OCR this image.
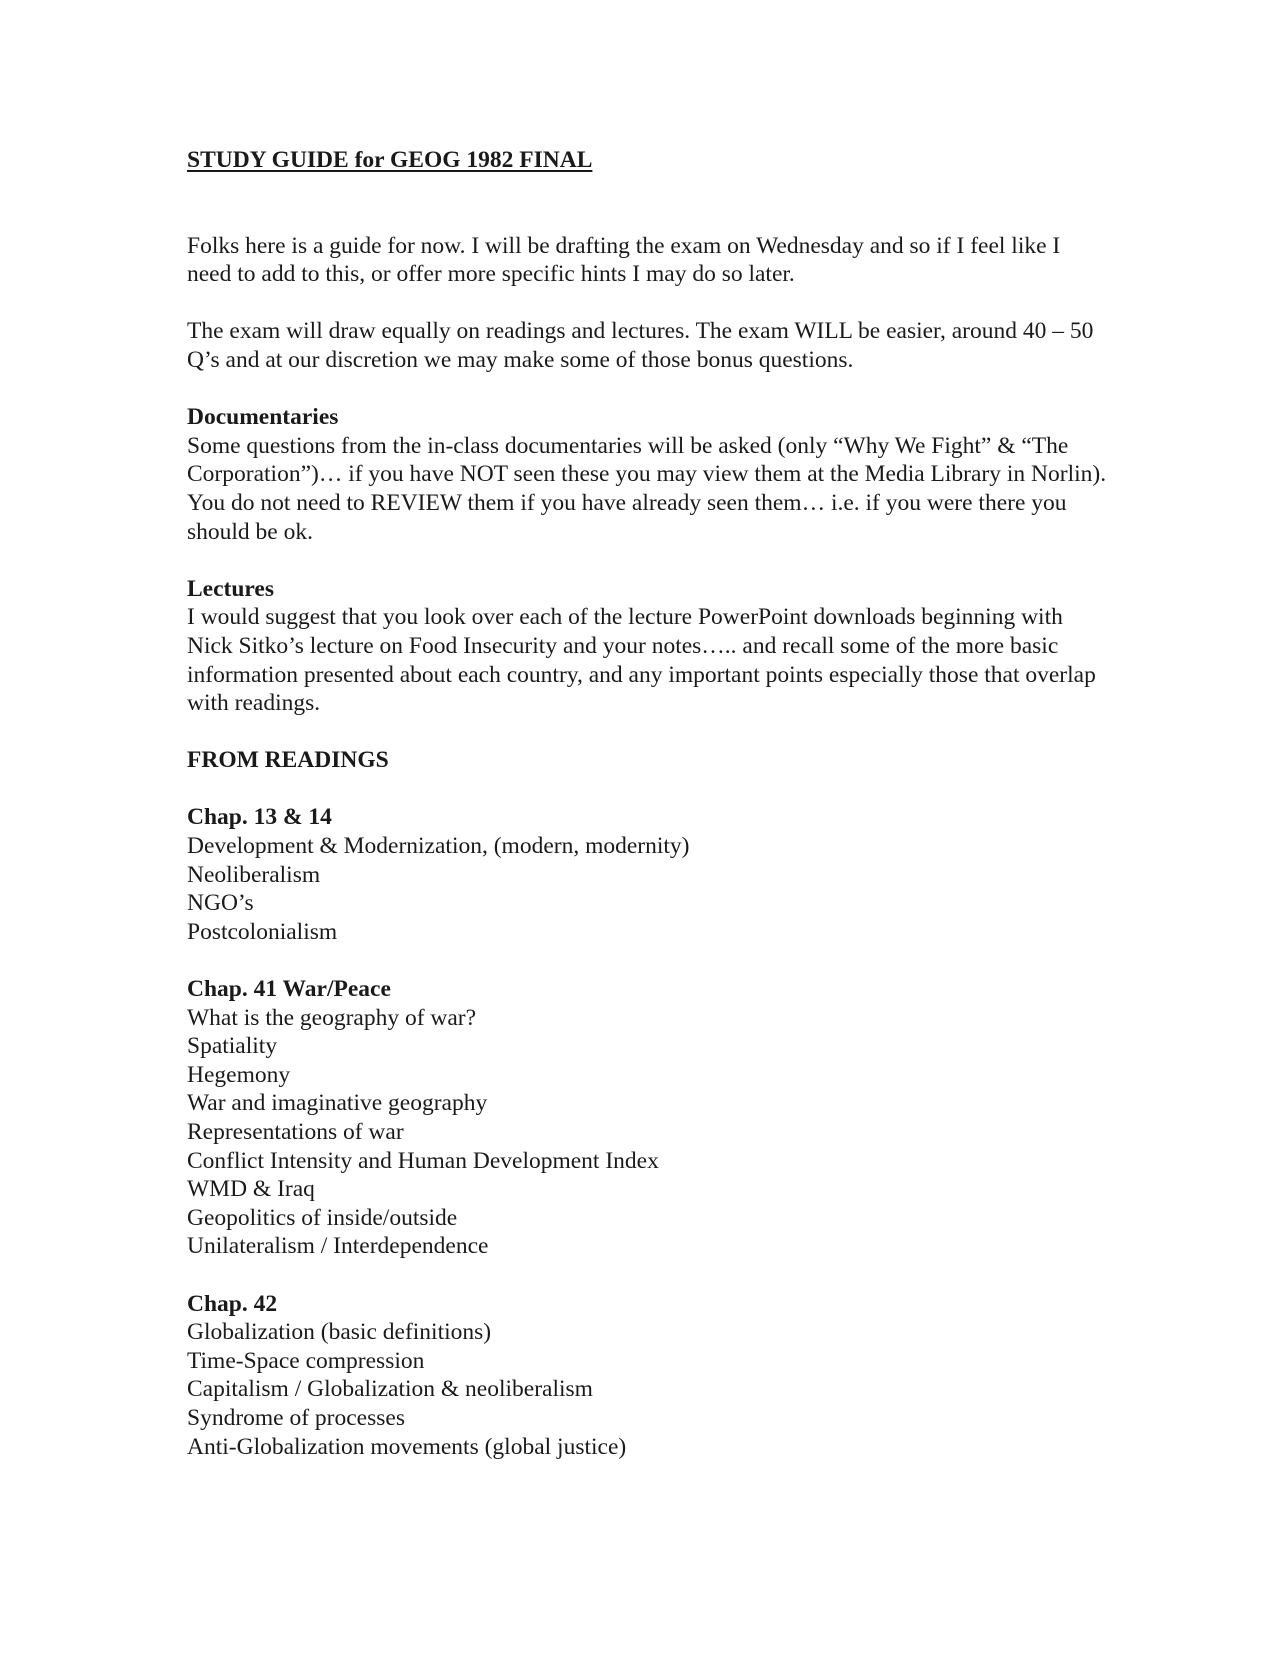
STUDY GUIDE for GEOG 1982 FINAL

Folks here is a guide for now. I will be drafting the exam on Wednesday and so if I feel like I need to add to this, or offer more specific hints I may do so later.

The exam will draw equally on readings and lectures. The exam WILL be easier, around 40 – 50 Q’s and at our discretion we may make some of those bonus questions.

Documentaries
Some questions from the in-class documentaries will be asked (only “Why We Fight” & “The Corporation”)… if you have NOT seen these you may view them at the Media Library in Norlin). You do not need to REVIEW them if you have already seen them… i.e. if you were there you should be ok.
Lectures
I would suggest that you look over each of the lecture PowerPoint downloads beginning with Nick Sitko’s lecture on Food Insecurity and your notes….. and recall some of the more basic information presented about each country, and any important points especially those that overlap with readings.
FROM READINGS
Chap. 13 & 14
Development & Modernization, (modern, modernity)
Neoliberalism
NGO’s
Postcolonialism
Chap. 41 War/Peace
What is the geography of war?
Spatiality
Hegemony
War and imaginative geography
Representations of war
Conflict Intensity and Human Development Index
WMD & Iraq
Geopolitics of inside/outside
Unilateralism / Interdependence
Chap. 42
Globalization (basic definitions)
Time-Space compression
Capitalism / Globalization & neoliberalism
Syndrome of processes
Anti-Globalization movements (global justice)
